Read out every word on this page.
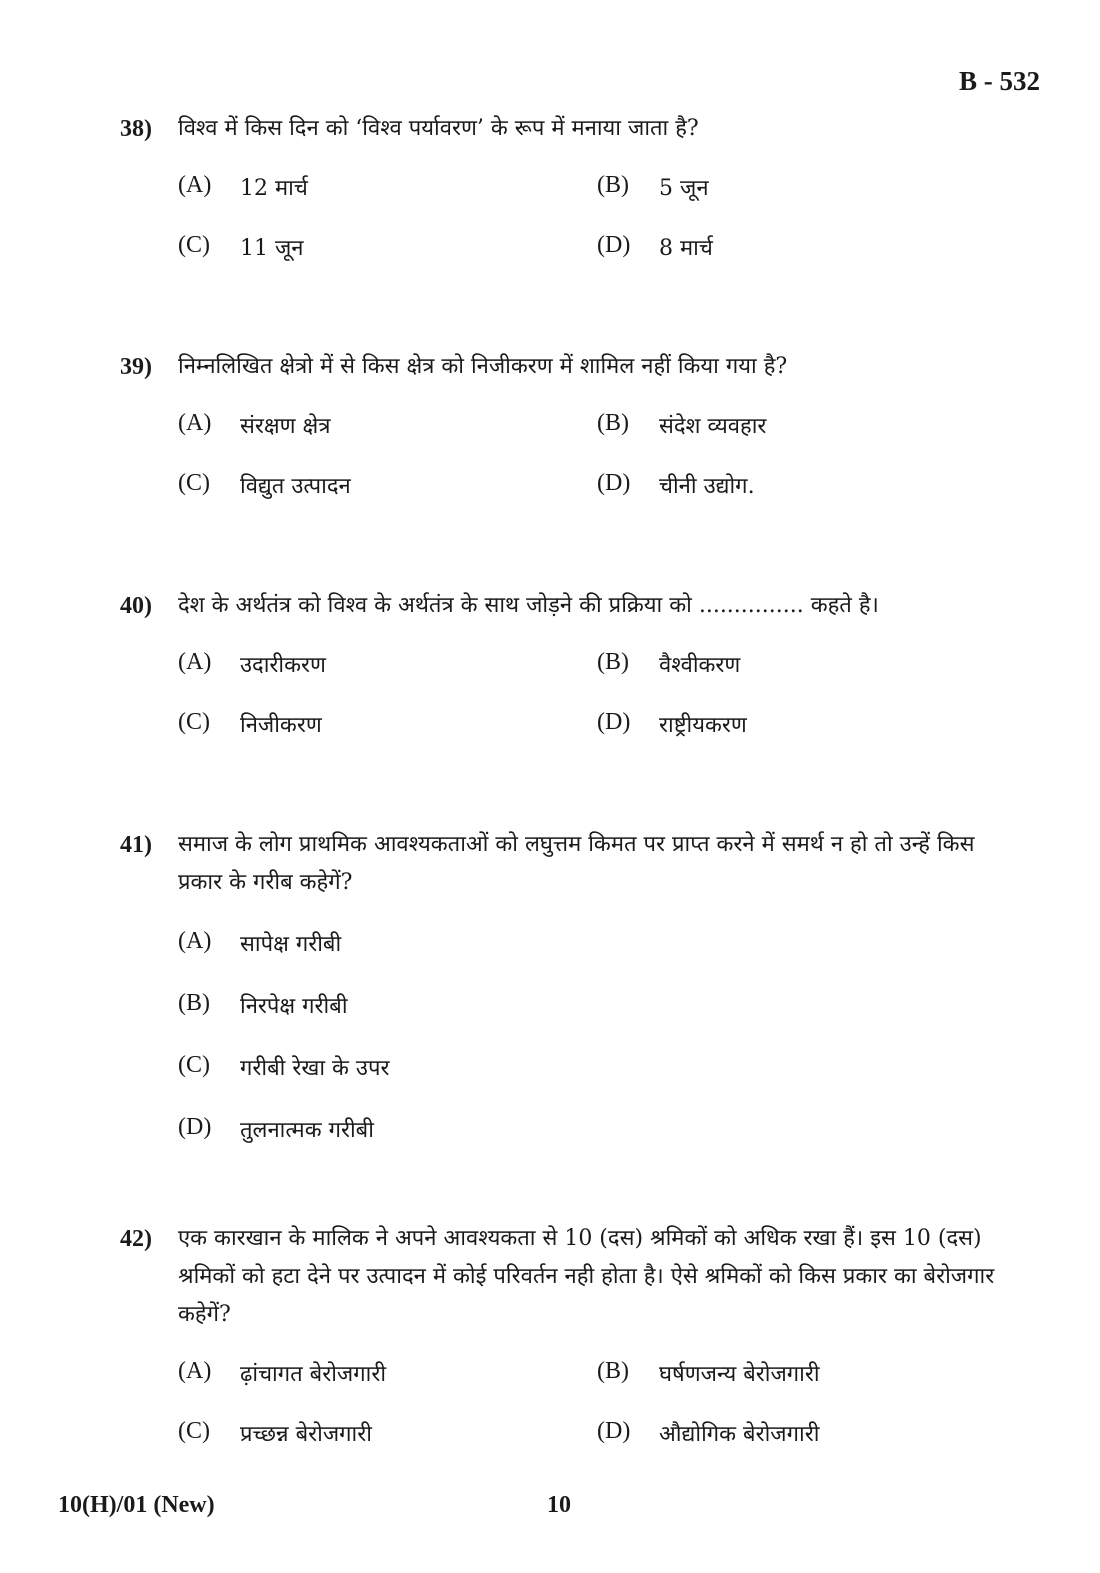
B - 532
38)	विश्व में किस दिन को ‘विश्व पर्यावरण’ के रूप में मनाया जाता है?
(A)	12 मार्च	(B)	5 जून
(C)	11 जून	(D)	8 मार्च
39)	निम्नलिखित क्षेत्रो में से किस क्षेत्र को निजीकरण में शामिल नहीं किया गया है?
(A)	संरक्षण क्षेत्र	(B)	संदेश व्यवहार
(C)	विद्युत उत्पादन	(D)	चीनी उद्योग.
40)	देश के अर्थतंत्र को विश्व के अर्थतंत्र के साथ जोड़ने की प्रक्रिया को ............... कहते है।
(A)	उदारीकरण	(B)	वैश्वीकरण
(C)	निजीकरण	(D)	राष्ट्रीयकरण
41)	समाज के लोग प्राथमिक आवश्यकताओं को लघुत्तम किमत पर प्राप्त करने में समर्थ न हो तो उन्हें किस प्रकार के गरीब कहेगें?
(A)	सापेक्ष गरीबी
(B)	निरपेक्ष गरीबी
(C)	गरीबी रेखा के उपर
(D)	तुलनात्मक गरीबी
42)	एक कारखान के मालिक ने अपने आवश्यकता से 10 (दस) श्रमिकों को अधिक रखा हैं। इस 10 (दस) श्रमिकों को हटा देने पर उत्पादन में कोई परिवर्तन नही होता है। ऐसे श्रमिकों को किस प्रकार का बेरोजगार कहेगें?
(A)	ढ़ांचागत बेरोजगारी	(B)	घर्षणजन्य बेरोजगारी
(C)	प्रच्छन्न बेरोजगारी	(D)	औद्योगिक बेरोजगारी
10(H)/01 (New)	10
